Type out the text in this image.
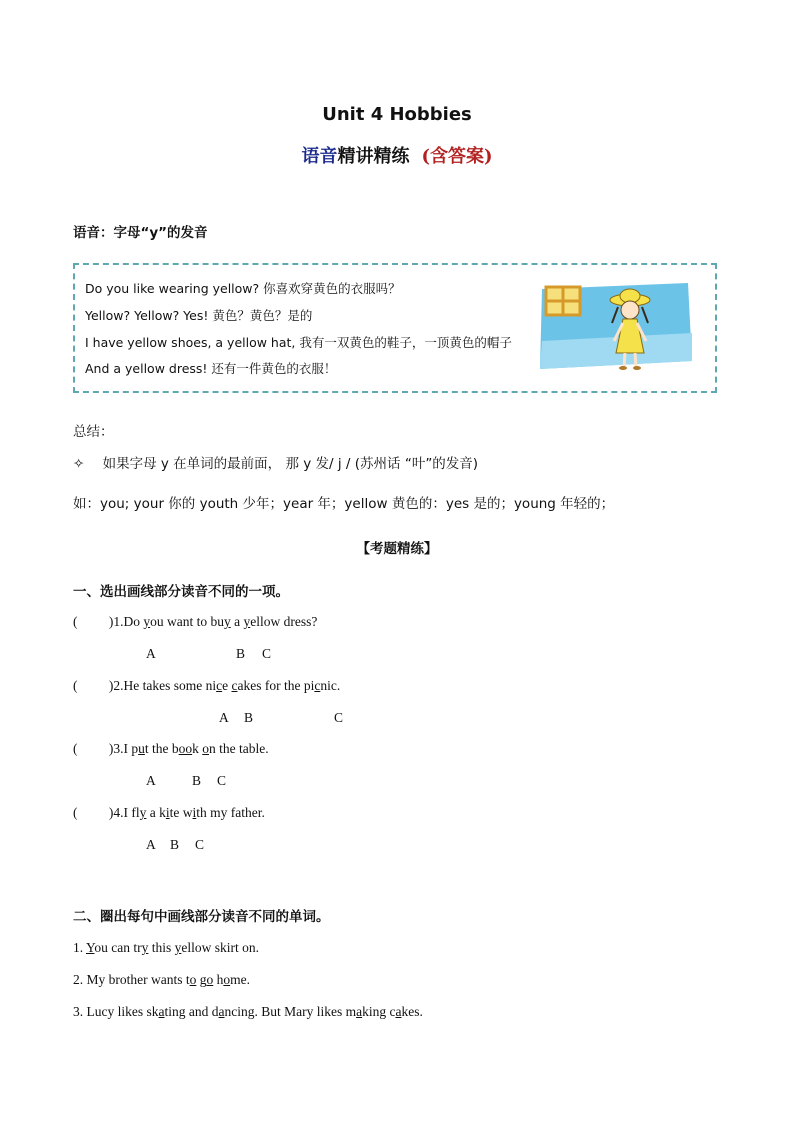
Unit 4 Hobbies
语音精讲精练 (含答案)
语音：字母“y”的发音
Do you like wearing yellow? 你喜欢穿黄色的衣服吗？
Yellow? Yellow? Yes! 黄色？黄色？是的
I have yellow shoes, a yellow hat, 我有一双黄色的鞋子，一顶黄色的帽子
And a yellow dress! 还有一件黄色的衣服！
总结：
✧ 如果字母 y 在单词的最前面， 那 y 发/ j / (苏州话 “叶”的发音)
如：you; your 你的 youth 少年；year 年；yellow 黄色的：yes 是的；young 年轻的；
【考题精练】
一、选出画线部分读音不同的一项。
( )1.Do you want to buy a yellow dress?
A	B C
( )2.He takes some nice cakes for the picnic.
A B	C
( )3.I put the book on the table.
A	B C
( )4.I fly a kite with my father.
A B C
二、圈出每句中画线部分读音不同的单词。
1. You can try this yellow skirt on.
2. My brother wants to go home.
3. Lucy likes skating and dancing. But Mary likes making cakes.
